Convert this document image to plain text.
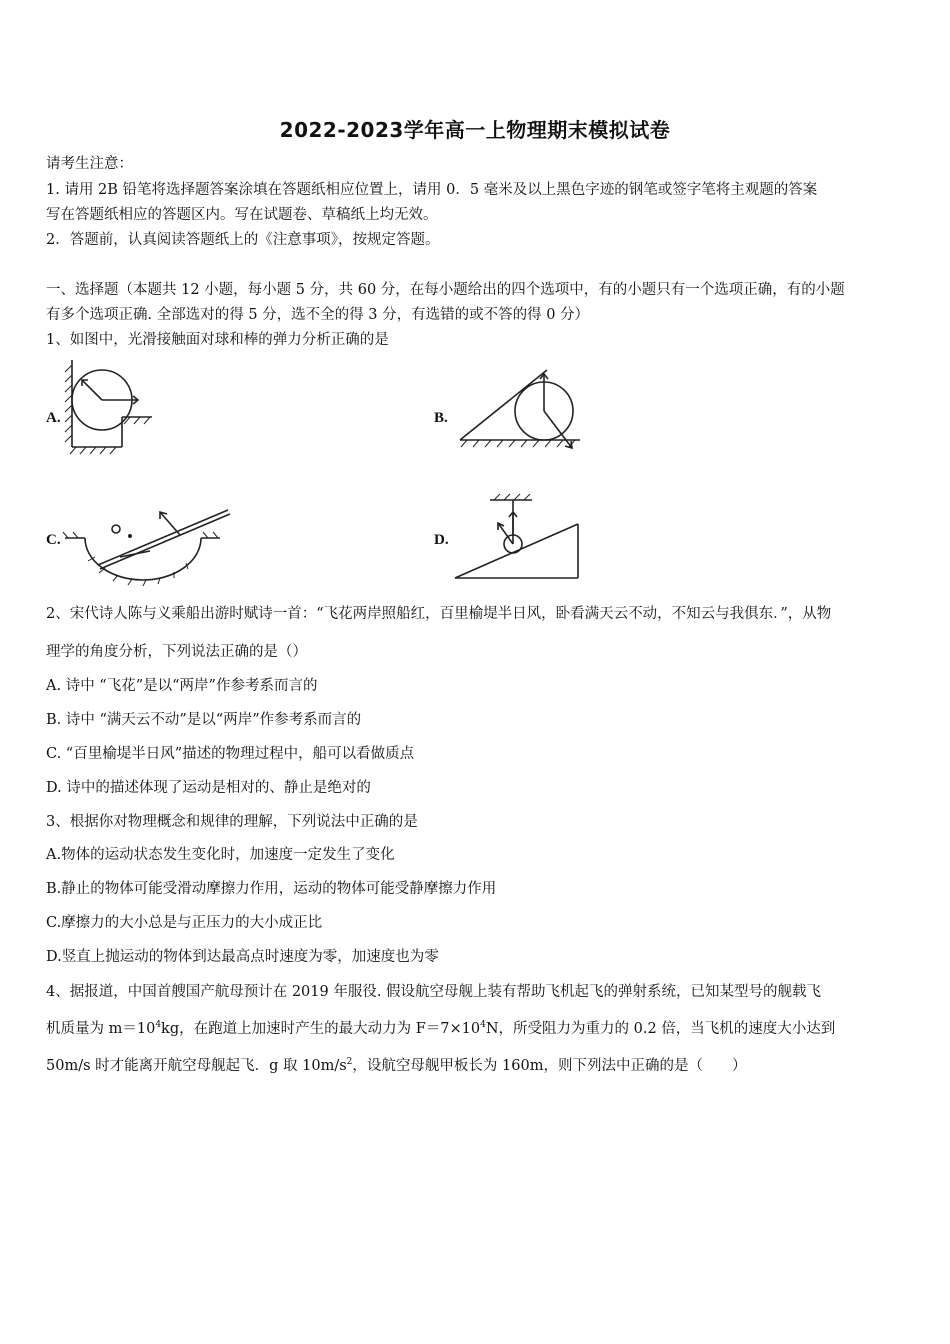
2022-2023学年高一上物理期末模拟试卷
请考生注意：
1. 请用 2B 铅笔将选择题答案涂填在答题纸相应位置上，请用 0．5 毫米及以上黑色字迹的钢笔或签字笔将主观题的答案
写在答题纸相应的答题区内。写在试题卷、草稿纸上均无效。
2．答题前，认真阅读答题纸上的《注意事项》，按规定答题。
一、选择题（本题共 12 小题，每小题 5 分，共 60 分，在每小题给出的四个选项中，有的小题只有一个选项正确，有的小题
有多个选项正确. 全部选对的得 5 分，选不全的得 3 分，有选错的或不答的得 0 分）
1、如图中，光滑接触面对球和棒的弹力分析正确的是
A.	B.
C.	D.
2、宋代诗人陈与义乘船出游时赋诗一首：“飞花两岸照船红，百里榆堤半日风，卧看满天云不动，不知云与我俱东．”，从物
理学的角度分析，下列说法正确的是（）
A. 诗中 “飞花”是以“两岸”作参考系而言的
B. 诗中 “满天云不动”是以“两岸”作参考系而言的
C. “百里榆堤半日风”描述的物理过程中，船可以看做质点
D. 诗中的描述体现了运动是相对的、静止是绝对的
3、根据你对物理概念和规律的理解，下列说法中正确的是
A.物体的运动状态发生变化时，加速度一定发生了变化
B.静止的物体可能受滑动摩擦力作用，运动的物体可能受静摩擦力作用
C.摩擦力的大小总是与正压力的大小成正比
D.竖直上抛运动的物体到达最高点时速度为零，加速度也为零
4、据报道，中国首艘国产航母预计在 2019 年服役. 假设航空母舰上装有帮助飞机起飞的弹射系统，已知某型号的舰载飞
机质量为 $m=10^4kg$，在跑道上加速时产生的最大动力为 $F=7\times 10^4N$，所受阻力为重力的 0.2 倍，当飞机的速度大小达到
50m/s 时才能离开航空母舰起飞．g 取 $10m/s^2$，设航空母舰甲板长为 160m，则下列法中正确的是（　　）
